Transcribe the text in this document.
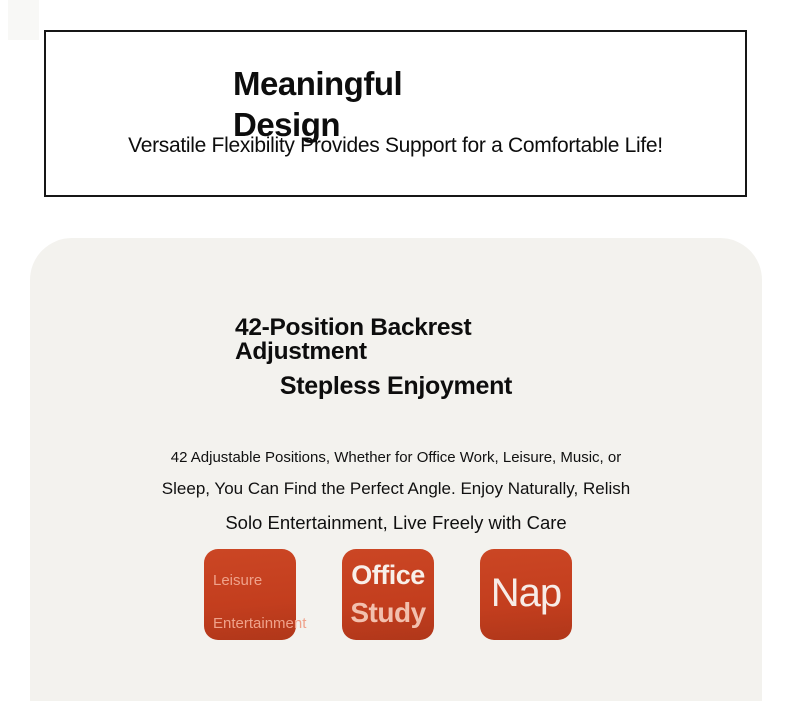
Meaningful
Design
Versatile Flexibility Provides Support for a Comfortable Life!
42-Position Backrest
Adjustment
Stepless Enjoyment

42 Adjustable Positions, Whether for Office Work, Leisure, Music, or

Sleep, You Can Find the Perfect Angle. Enjoy Naturally, Relish

Solo Entertainment, Live Freely with Care

Leisure
Entertainment
Office
Study Nap
